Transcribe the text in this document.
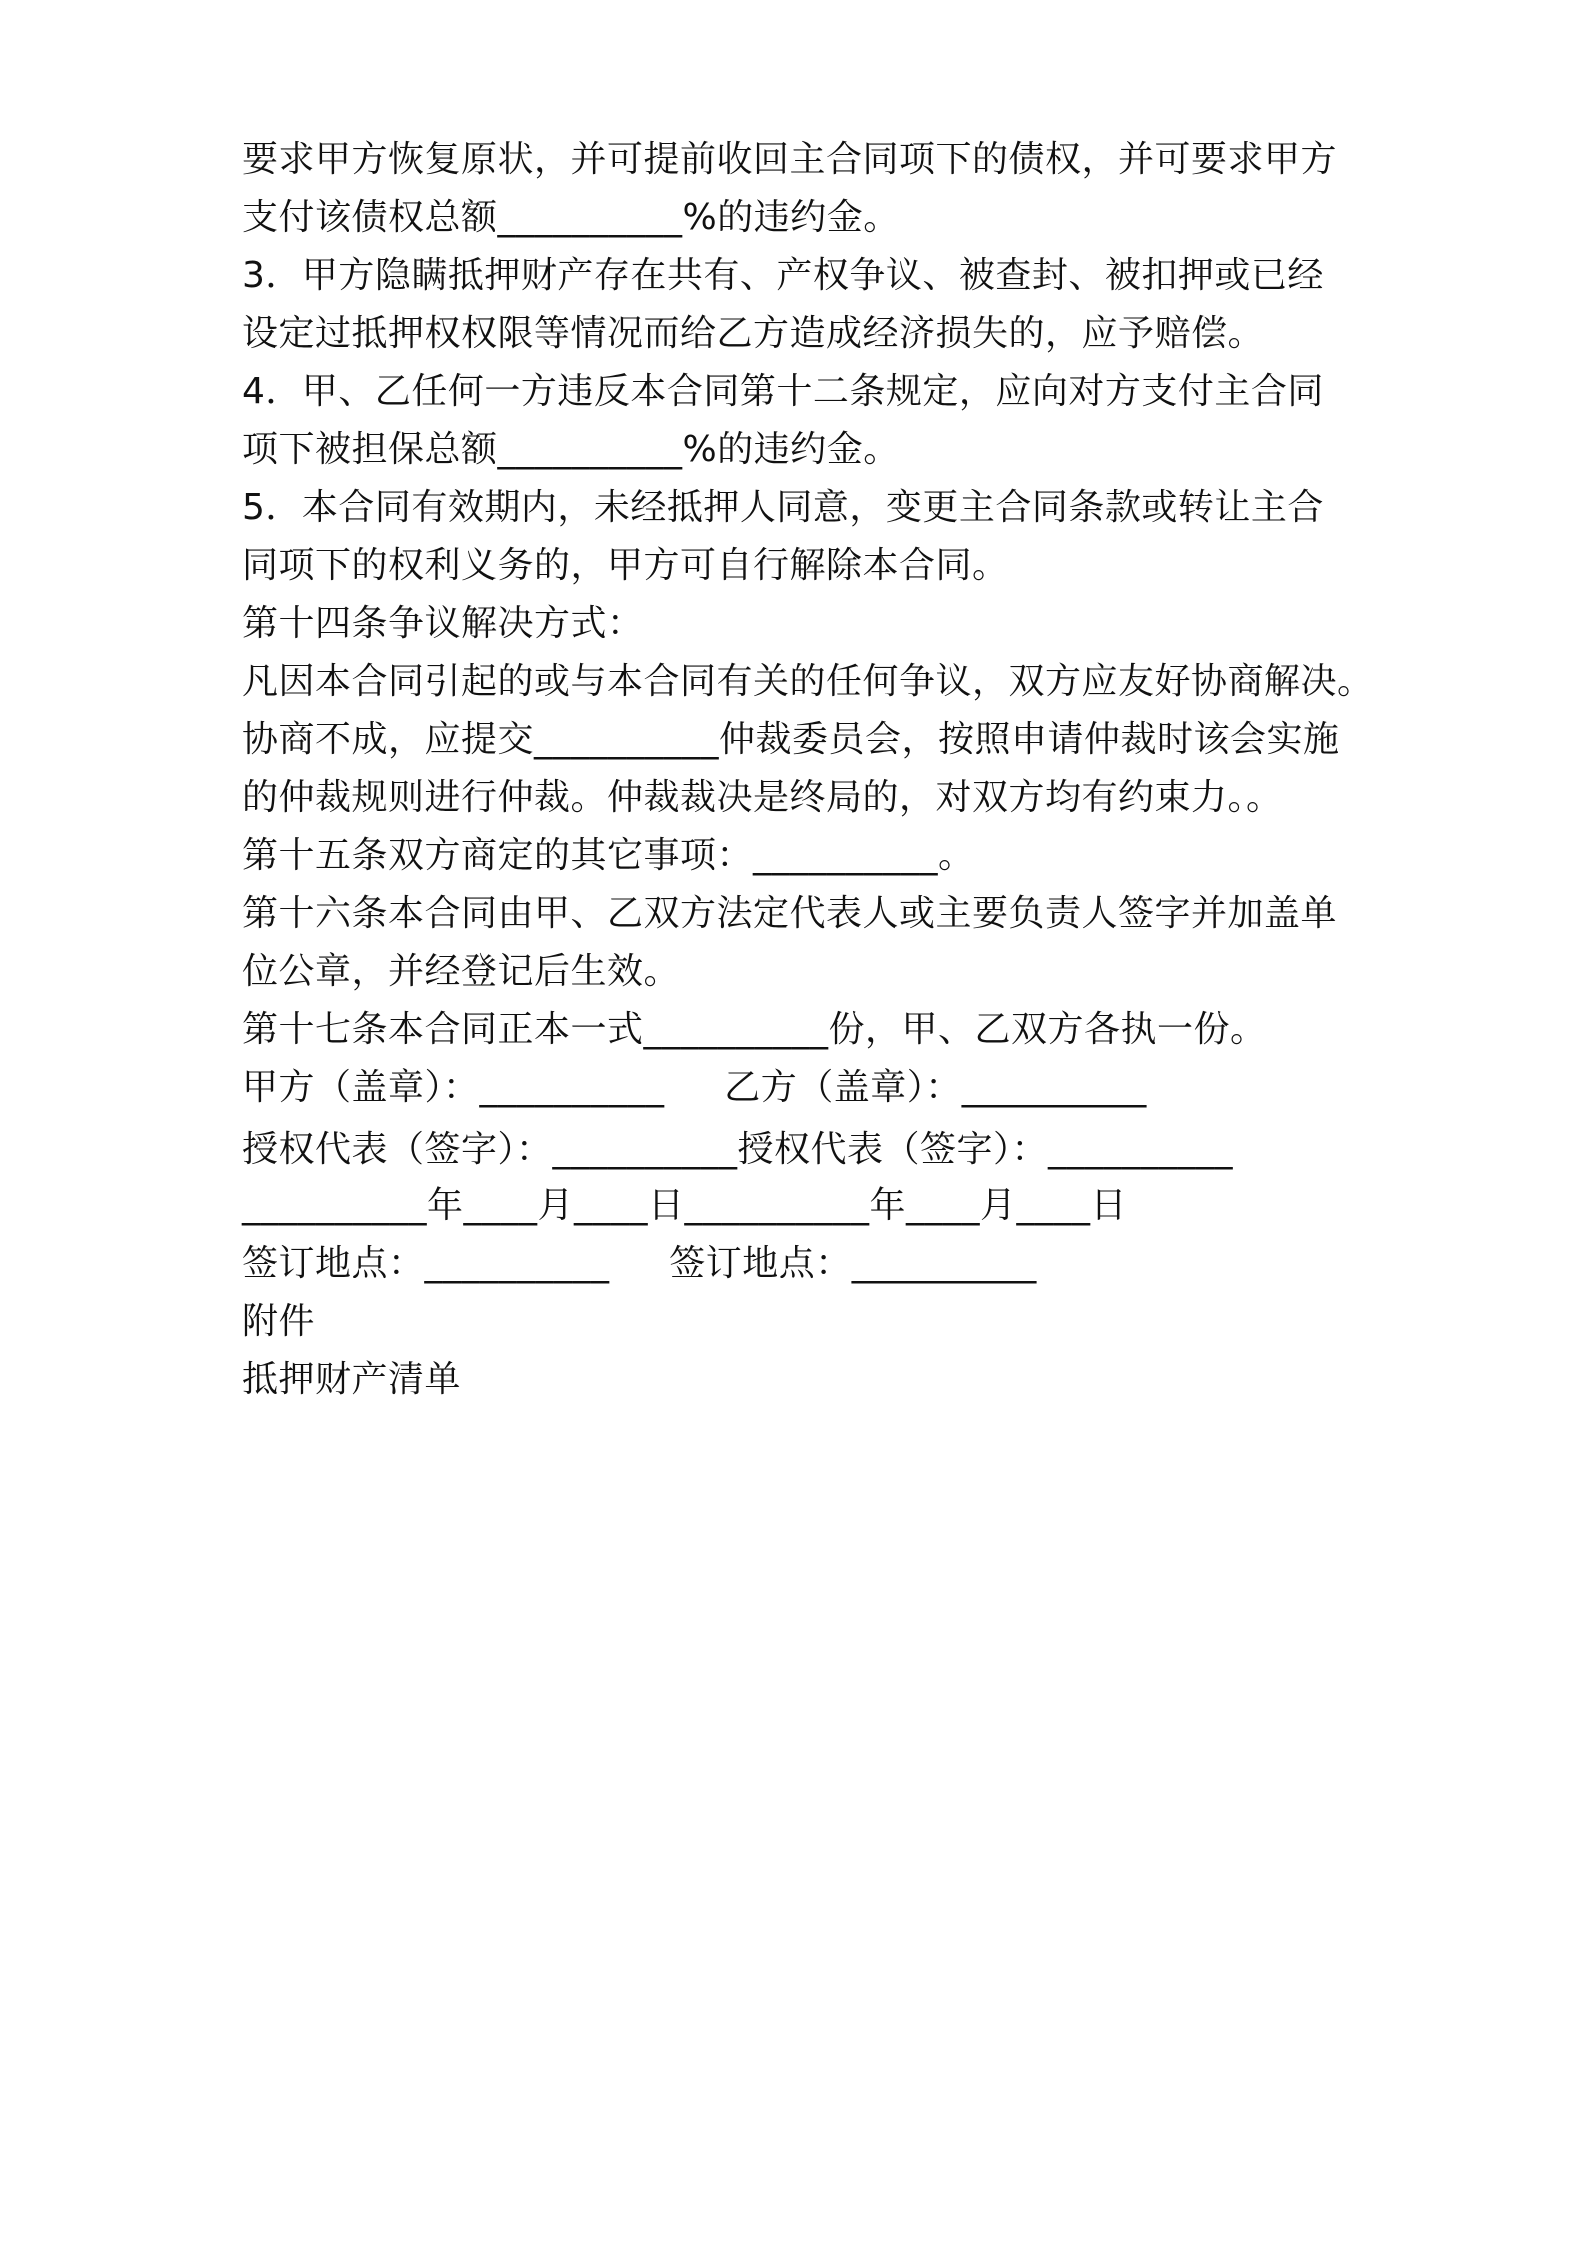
要求甲方恢复原状，并可提前收回主合同项下的债权，并可要求甲方
支付该债权总额__________%的违约金。
3．甲方隐瞒抵押财产存在共有、产权争议、被查封、被扣押或已经
设定过抵押权权限等情况而给乙方造成经济损失的，应予赔偿。
4．甲、乙任何一方违反本合同第十二条规定，应向对方支付主合同
项下被担保总额__________%的违约金。
5．本合同有效期内，未经抵押人同意，变更主合同条款或转让主合
同项下的权利义务的，甲方可自行解除本合同。
第十四条争议解决方式：
凡因本合同引起的或与本合同有关的任何争议，双方应友好协商解决。
协商不成，应提交__________仲裁委员会，按照申请仲裁时该会实施
的仲裁规则进行仲裁。仲裁裁决是终局的，对双方均有约束力。。
第十五条双方商定的其它事项：__________。
第十六条本合同由甲、乙双方法定代表人或主要负责人签字并加盖单
位公章，并经登记后生效。
第十七条本合同正本一式__________份，甲、乙双方各执一份。
甲方（盖章）：__________     乙方（盖章）：__________
授权代表（签字）：__________授权代表（签字）：__________
__________年____月____日__________年____月____日
签订地点：__________     签订地点：__________
附件
抵押财产清单
